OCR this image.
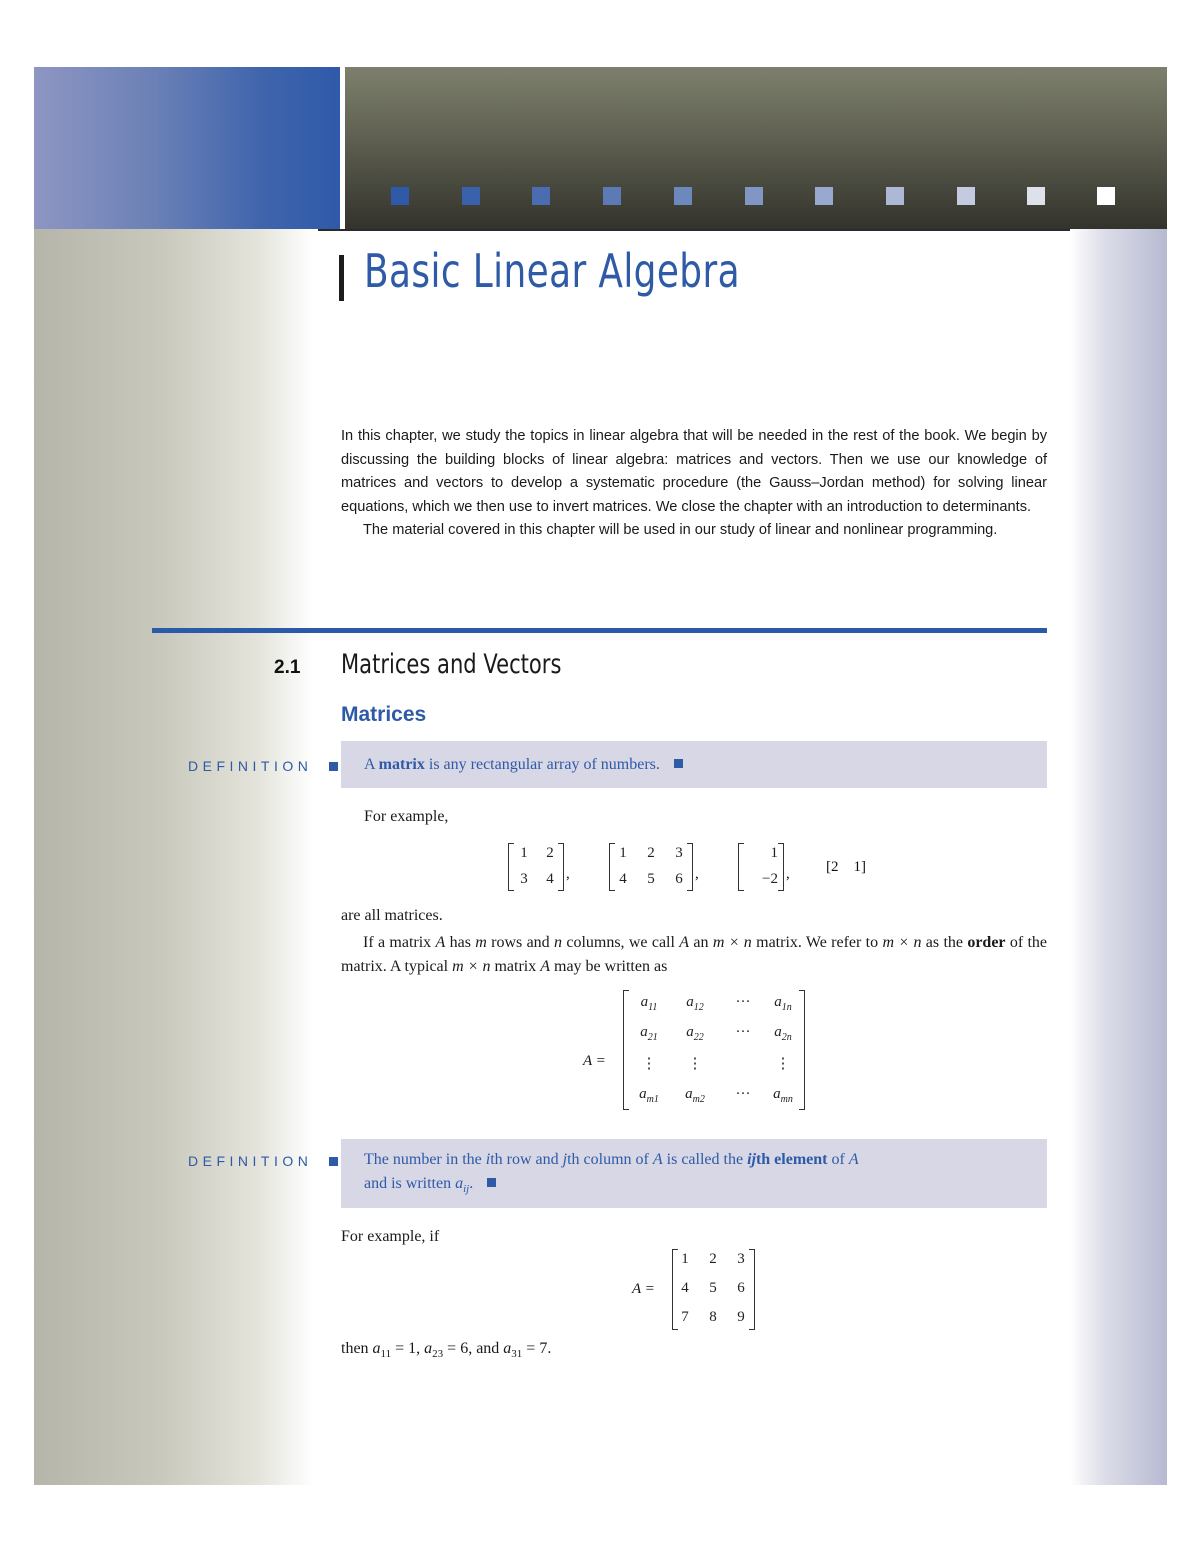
Basic Linear Algebra

In this chapter, we study the topics in linear algebra that will be needed in the rest of the book. We begin by discussing the building blocks of linear algebra: matrices and vectors. Then we use our knowledge of matrices and vectors to develop a systematic procedure (the Gauss–Jordan method) for solving linear equations, which we then use to invert matrices. We close the chapter with an introduction to determinants.

The material covered in this chapter will be used in our study of linear and nonlinear programming.

2.1 Matrices and Vectors
Matrices
DEFINITION	A matrix is any rectangular array of numbers.
For example,
1 2
3 4 ,
1 2 3
4 5 6 ,
1
−2 , [2    1]
are all matrices.
If a matrix A has m rows and n columns, we call A an m × n matrix. We refer to m × n as the order of the matrix. A typical m × n matrix A may be written as
A =
$a_{11}$	$a_{12}$	···	$a_{1n}$
$a_{21}$	$a_{22}$	···	$a_{2n}$
⋮	⋮	⋮
$a_{m1}$	$a_{m2}$	···	$a_{mn}$
DEFINITION	The number in the ith row and jth column of A is called the ijth element of A
and is written $a_{ij}$.
For example, if
A =
1 2 3
4 5 6
7 8 9
then $a_{11} = 1$, $a_{23} = 6$, and $a_{31} = 7$.
